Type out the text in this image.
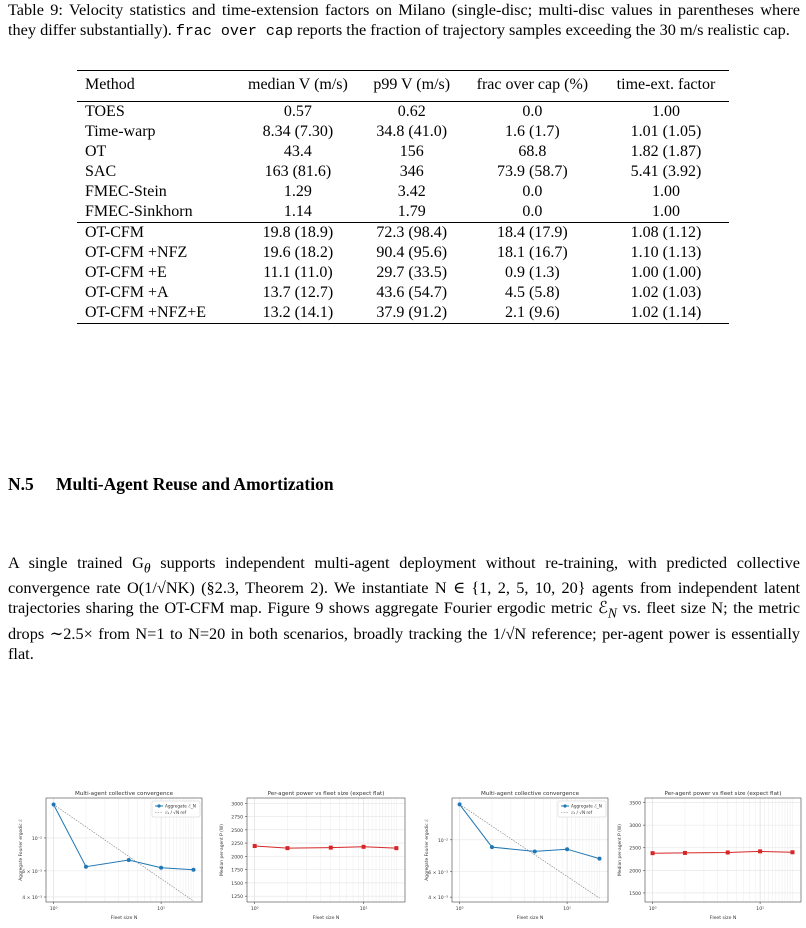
Table 9: Velocity statistics and time-extension factors on Milano (single-disc; multi-disc values in parentheses where they differ substantially). frac over cap reports the fraction of trajectory samples exceeding the 30 m/s realistic cap.
Method	median V (m/s)	p99 V (m/s)	frac over cap (%)	time-ext. factor
TOES	0.57	0.62	0.0	1.00
Time-warp	8.34 (7.30)	34.8 (41.0)	1.6 (1.7)	1.01 (1.05)
OT	43.4	156	68.8	1.82 (1.87)
SAC	163 (81.6)	346	73.9 (58.7)	5.41 (3.92)
FMEC-Stein	1.29	3.42	0.0	1.00
FMEC-Sinkhorn	1.14	1.79	0.0	1.00
OT-CFM	19.8 (18.9)	72.3 (98.4)	18.4 (17.9)	1.08 (1.12)
OT-CFM +NFZ	19.6 (18.2)	90.4 (95.6)	18.1 (16.7)	1.10 (1.13)
OT-CFM +E	11.1 (11.0)	29.7 (33.5)	0.9 (1.3)	1.00 (1.00)
OT-CFM +A	13.7 (12.7)	43.6 (54.7)	4.5 (5.8)	1.02 (1.03)
OT-CFM +NFZ+E	13.2 (14.1)	37.9 (91.2)	2.1 (9.6)	1.02 (1.14)
N.5 Multi-Agent Reuse and Amortization
A single trained $G_\theta$ supports independent multi-agent deployment without re-training, with predicted collective convergence rate O(1/√NK) (§2.3, Theorem 2). We instantiate N ∈ {1, 2, 5, 10, 20} agents from independent latent trajectories sharing the OT-CFM map. Figure 9 shows aggregate Fourier ergodic metric ℰ$_N$ vs. fleet size N; the metric drops ∼2.5× from N=1 to N=20 in both scenarios, broadly tracking the 1/√N reference; per-agent power is essentially flat.
10⁻²
6 × 10⁻³
4 × 10⁻³
10⁰	10¹
Multi-agent collective convergence
Fleet size N
Aggregate Fourier ergodic ℰ
Aggregate ℰ_N
ℰ₁ / √N ref
3000
2750
2500
2250
2000
1750
1500
1250
10⁰	10¹
Per-agent power vs fleet size (expect flat)
Fleet size N
Median per-agent P (W)	10⁻²
6 × 10⁻³
4 × 10⁻³
10⁰	10¹
Multi-agent collective convergence
Fleet size N
Aggregate Fourier ergodic ℰ
Aggregate ℰ_N
ℰ₁ / √N ref
3500
3000
2500
2000
1500
10⁰	10¹
Per-agent power vs fleet size (expect flat)
Fleet size N
Median per-agent P (W)
